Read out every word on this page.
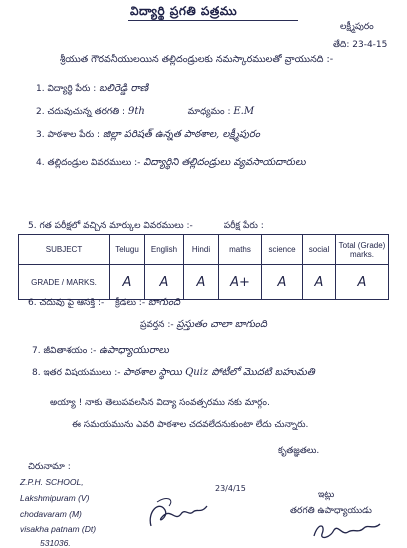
విద్యార్థి ప్రగతి పత్రము
లక్ష్మీపురం
తేది: 23-4-15
శ్రీయుత గౌరవనీయులయిన తల్లిదండ్రులకు నమస్కారములతో వ్రాయునది :-
1. విద్యార్థి పేరు : బలిరెడ్డి రాణి
2. చదువుచున్న తరగతి : 9th	మాధ్యమం : E.M
3. పాఠశాల పేరు : జిల్లా పరిషత్ ఉన్నత పాఠశాల, లక్ష్మీపురం
4. తల్లిదండ్రుల వివరములు :- విద్యార్థిని తల్లిదండ్రులు వ్యవసాయదారులు
5. గత పరీక్షలో వచ్చిన మార్కుల వివరములు :-	పరీక్ష పేరు :
SUBJECT	Telugu	English	Hindi	maths	science	social	Total (Grade) marks.
GRADE / MARKS.	A	A	A	A+	A	A	A
6. చదువు పై ఆసక్తి :- క్రీడలు :- బాగుంది
ప్రవర్తన :- ప్రస్తుతం చాలా బాగుంది
7. జీవితాశయం :- ఉపాధ్యాయురాలు
8. ఇతర విషయములు :- పాఠశాల స్థాయి Quiz పోటీలో మొదటి బహుమతి
అయ్యా ! నాకు తెలుపవలసిన విద్యా సంవత్సరము నకు మార్గం.
ఈ సమయమును ఎవరి పాఠశాల చదవలేదనుకుంటా లేదు చున్నారు.
కృతజ్ఞతలు.
చిరునామా :
Z.P.H. SCHOOL,
Lakshmipuram (V)
chodavaram (M)
visakha patnam (Dt)
531036.
23/4/15
ఇట్లు
తరగతి ఉపాధ్యాయుడు
